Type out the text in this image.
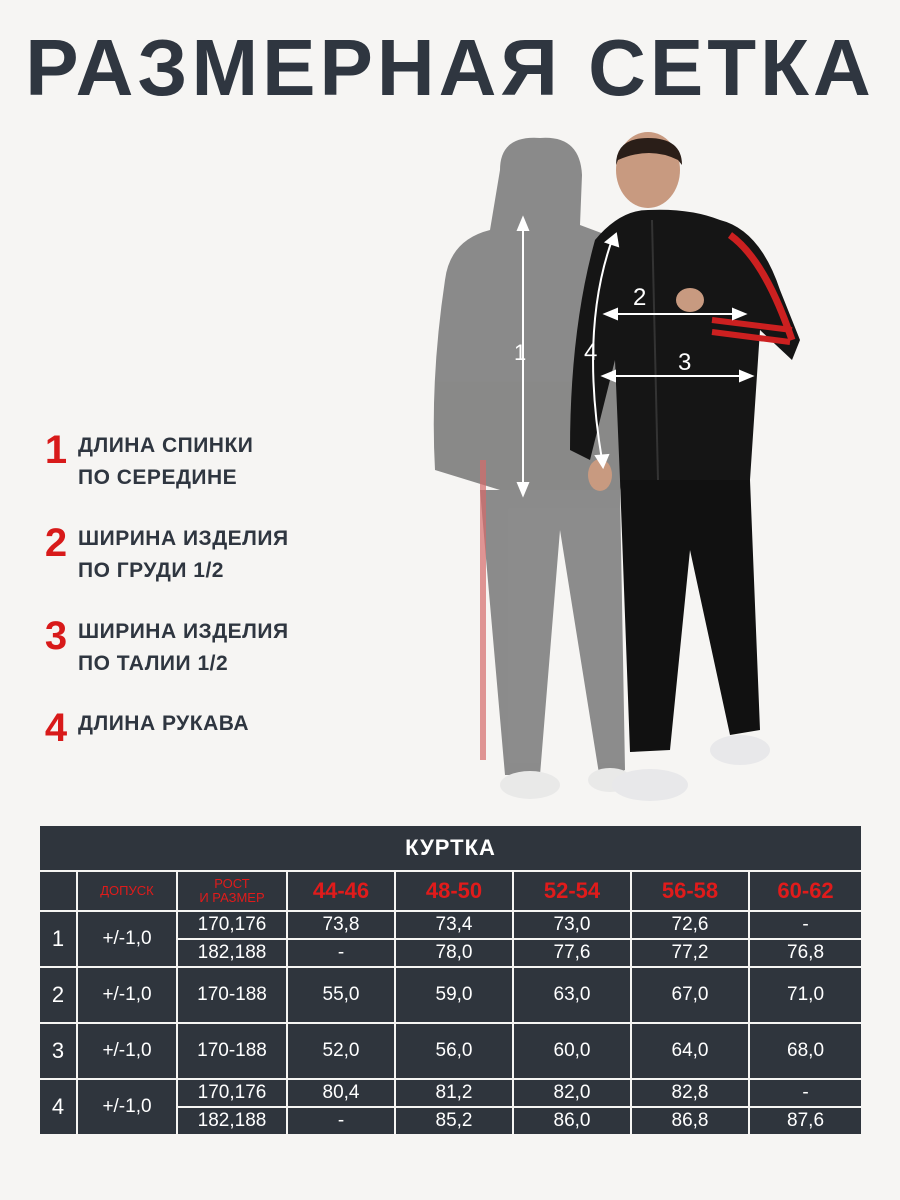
РАЗМЕРНАЯ СЕТКА
1 ДЛИНА СПИНКИ
ПО СЕРЕДИНЕ
2 ШИРИНА ИЗДЕЛИЯ
ПО ГРУДИ 1/2
3 ШИРИНА ИЗДЕЛИЯ
ПО ТАЛИИ 1/2
4 ДЛИНА РУКАВА
1
2
3
4
КУРТКА							
	ДОПУСК	РОСТ
И РАЗМЕР	44-46	48-50	52-54	56-58	60-62
1	+/-1,0	170,176	73,8	73,4	73,0	72,6	-
		182,188	-	78,0	77,6	77,2	76,8
2	+/-1,0	170-188	55,0	59,0	63,0	67,0	71,0
3	+/-1,0	170-188	52,0	56,0	60,0	64,0	68,0
4	+/-1,0	170,176	80,4	81,2	82,0	82,8	-
		182,188	-	85,2	86,0	86,8	87,6
